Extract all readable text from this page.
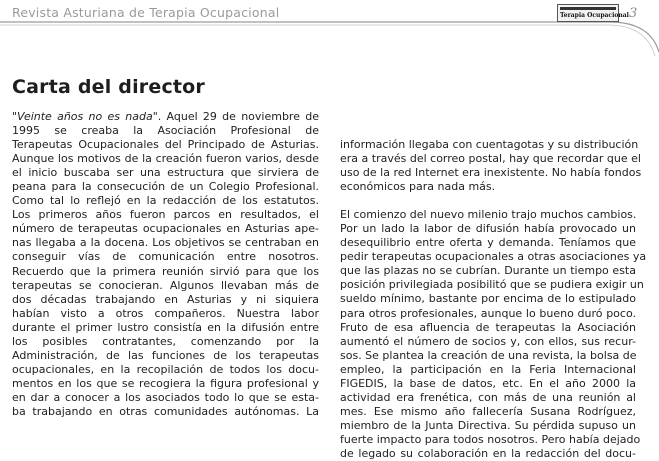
Revista Asturiana de Terapia Ocupacional	Terapia Ocupacional 3
Carta del director

"Veinte años no es nada". Aquel 29 de noviembre de
1995 se creaba la Asociación Profesional de
Terapeutas Ocupacionales del Principado de Asturias.
Aunque los motivos de la creación fueron varios, desde
el inicio buscaba ser una estructura que sirviera de
peana para la consecución de un Colegio Profesional.
Como tal lo reflejó en la redacción de los estatutos.
Los primeros años fueron parcos en resultados, el
número de terapeutas ocupacionales en Asturias ape-
nas llegaba a la docena. Los objetivos se centraban en
conseguir vías de comunicación entre nosotros.
Recuerdo que la primera reunión sirvió para que los
terapeutas se conocieran. Algunos llevaban más de
dos décadas trabajando en Asturias y ni siquiera
habían visto a otros compañeros. Nuestra labor
durante el primer lustro consistía en la difusión entre
los posibles contratantes, comenzando por la
Administración, de las funciones de los terapeutas
ocupacionales, en la recopilación de todos los docu-
mentos en los que se recogiera la figura profesional y
en dar a conocer a los asociados todo lo que se esta-
ba trabajando en otras comunidades autónomas. La

información llegaba con cuentagotas y su distribución
era a través del correo postal, hay que recordar que el
uso de la red Internet era inexistente. No había fondos
económicos para nada más.

El comienzo del nuevo milenio trajo muchos cambios.
Por un lado la labor de difusión había provocado un
desequilibrio entre oferta y demanda. Teníamos que
pedir terapeutas ocupacionales a otras asociaciones ya
que las plazas no se cubrían. Durante un tiempo esta
posición privilegiada posibilitó que se pudiera exigir un
sueldo mínimo, bastante por encima de lo estipulado
para otros profesionales, aunque lo bueno duró poco.
Fruto de esa afluencia de terapeutas la Asociación
aumentó el número de socios y, con ellos, sus recur-
sos. Se plantea la creación de una revista, la bolsa de
empleo, la participación en la Feria Internacional
FIGEDIS, la base de datos, etc. En el año 2000 la
actividad era frenética, con más de una reunión al
mes. Ese mismo año fallecería Susana Rodríguez,
miembro de la Junta Directiva. Su pérdida supuso un
fuerte impacto para todos nosotros. Pero había dejado
de legado su colaboración en la redacción del docu-
